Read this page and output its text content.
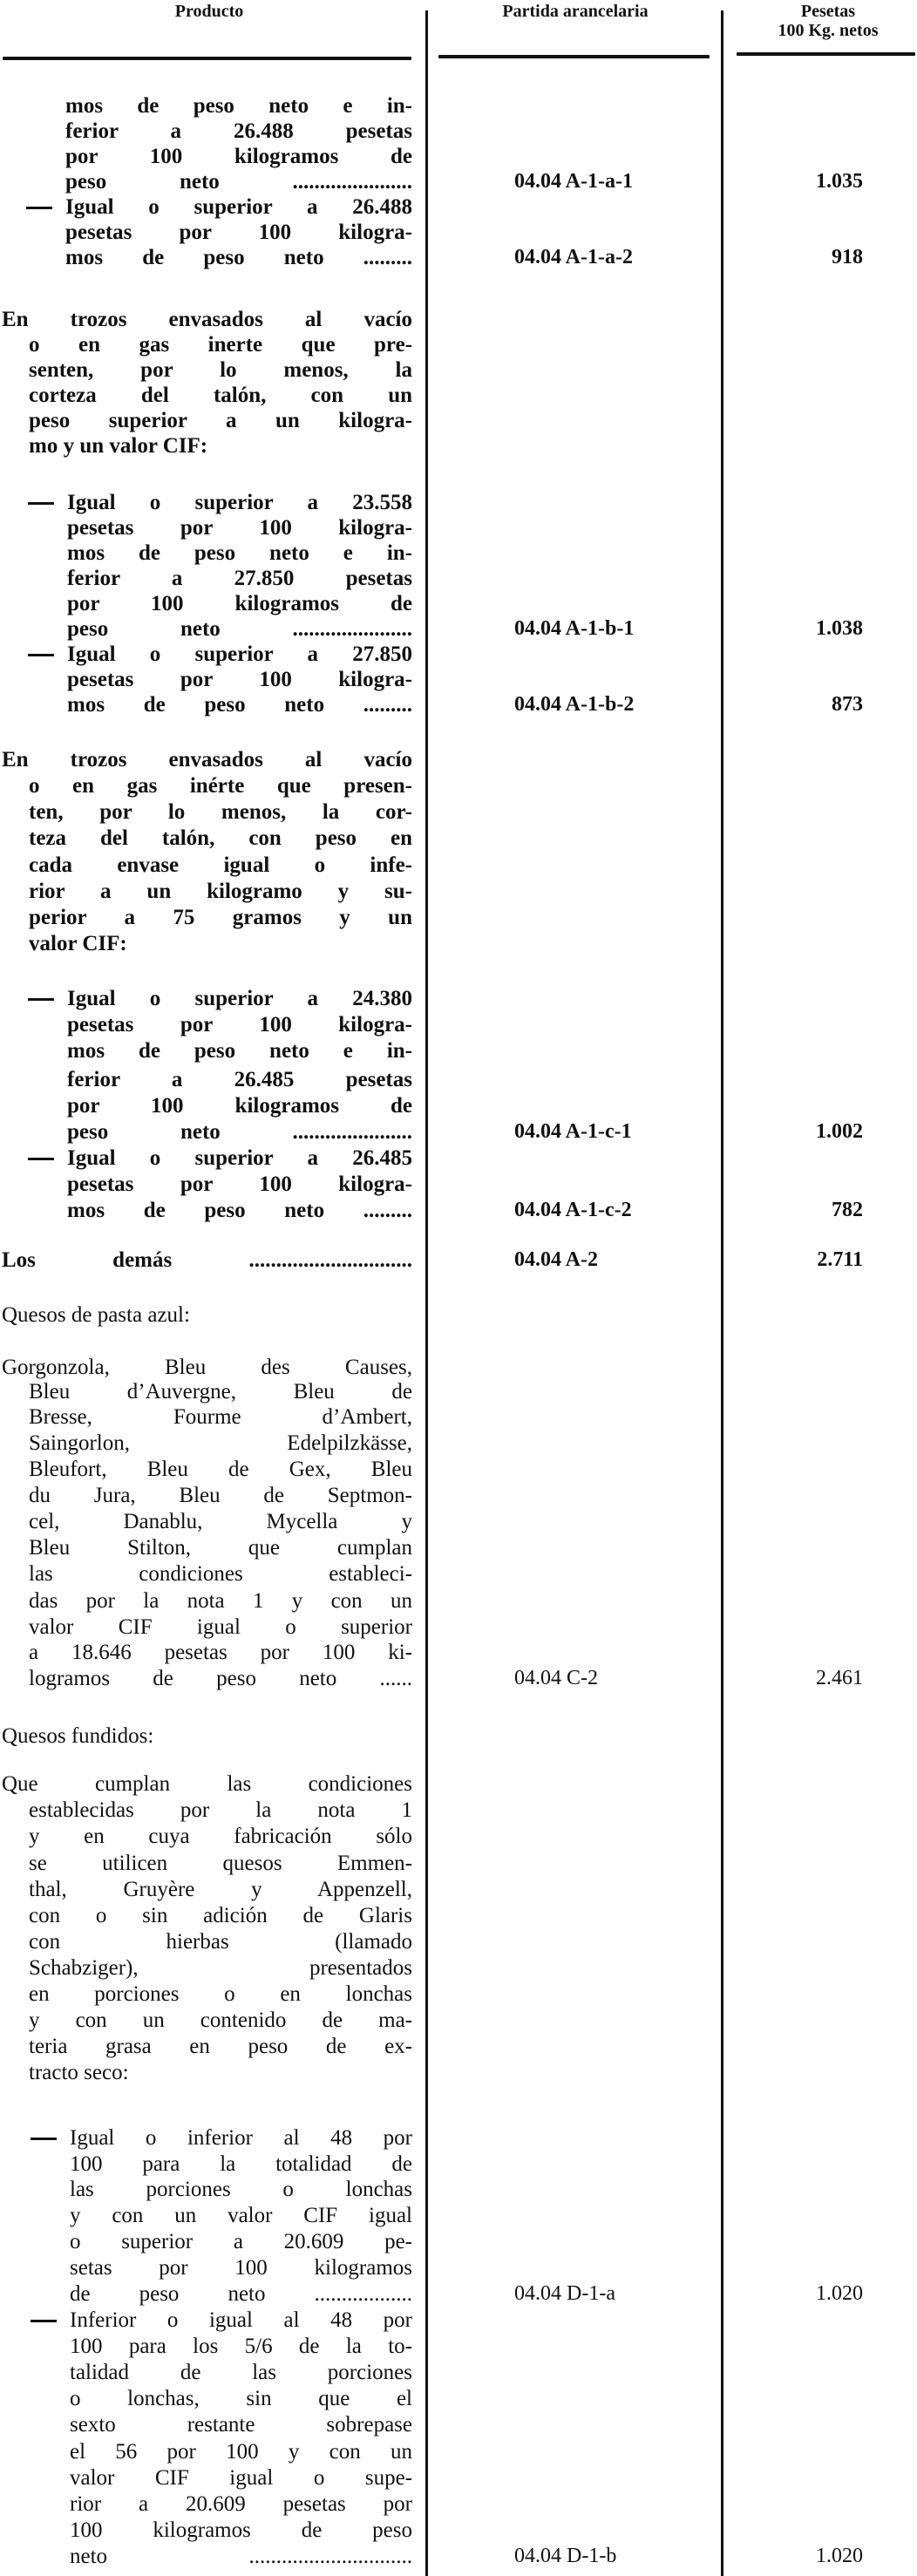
Producto	Partida arancelaria	Pesetas
100 Kg. netos
mos de peso neto e in-
ferior a 26.488 pesetas
por 100 kilogramos de
peso neto ......................
Igual o superior a 26.488
pesetas por 100 kilogra-
mos de peso neto .........
En trozos envasados al vacío
o en gas inerte que pre-
senten, por lo menos, la
corteza del talón, con un
peso superior a un kilogra-
mo y un valor CIF:
Igual o superior a 23.558
pesetas por 100 kilogra-
mos de peso neto e in-
ferior a 27.850 pesetas
por 100 kilogramos de
peso neto ......................
Igual o superior a 27.850
pesetas por 100 kilogra-
mos de peso neto .........
En trozos envasados al vacío
o en gas inérte que presen-
ten, por lo menos, la cor-
teza del talón, con peso en
cada envase igual o infe-
rior a un kilogramo y su-
perior a 75 gramos y un
valor CIF:
Igual o superior a 24.380
pesetas por 100 kilogra-
mos de peso neto e in-
ferior a 26.485 pesetas
por 100 kilogramos de
peso neto ......................
Igual o superior a 26.485
pesetas por 100 kilogra-
mos de peso neto .........
Los demás ..............................
Quesos de pasta azul:
Gorgonzola, Bleu des Causes,
Bleu d’Auvergne, Bleu de
Bresse, Fourme d’Ambert,
Saingorlon, Edelpilzkässe,
Bleufort, Bleu de Gex, Bleu
du Jura, Bleu de Septmon-
cel, Danablu, Mycella y
Bleu Stilton, que cumplan
las condiciones estableci-
das por la nota 1 y con un
valor CIF igual o superior
a 18.646 pesetas por 100 ki-
logramos de peso neto ......
Quesos fundidos:
Que cumplan las condiciones
establecidas por la nota 1
y en cuya fabricación sólo
se utilicen quesos Emmen-
thal, Gruyère y Appenzell,
con o sin adición de Glaris
con hierbas (llamado
Schabziger), presentados
en porciones o en lonchas
y con un contenido de ma-
teria grasa en peso de ex-
tracto seco:
Igual o inferior al 48 por
100 para la totalidad de
las porciones o lonchas
y con un valor CIF igual
o superior a 20.609 pe-
setas por 100 kilogramos
de peso neto ..................
Inferior o igual al 48 por
100 para los 5/6 de la to-
talidad de las porciones
o lonchas, sin que el
sexto restante sobrepase
el 56 por 100 y con un
valor CIF igual o supe-
rior a 20.609 pesetas por
100 kilogramos de peso
neto ..............................
04.04 A-1-a-1
04.04 A-1-a-2
04.04 A-1-b-1
04.04 A-1-b-2
04.04 A-1-c-1
04.04 A-1-c-2
04.04 A-2
04.04 C-2
04.04 D-1-a
04.04 D-1-b
1.035
918
1.038
873
1.002
782
2.711
2.461
1.020
1.020
